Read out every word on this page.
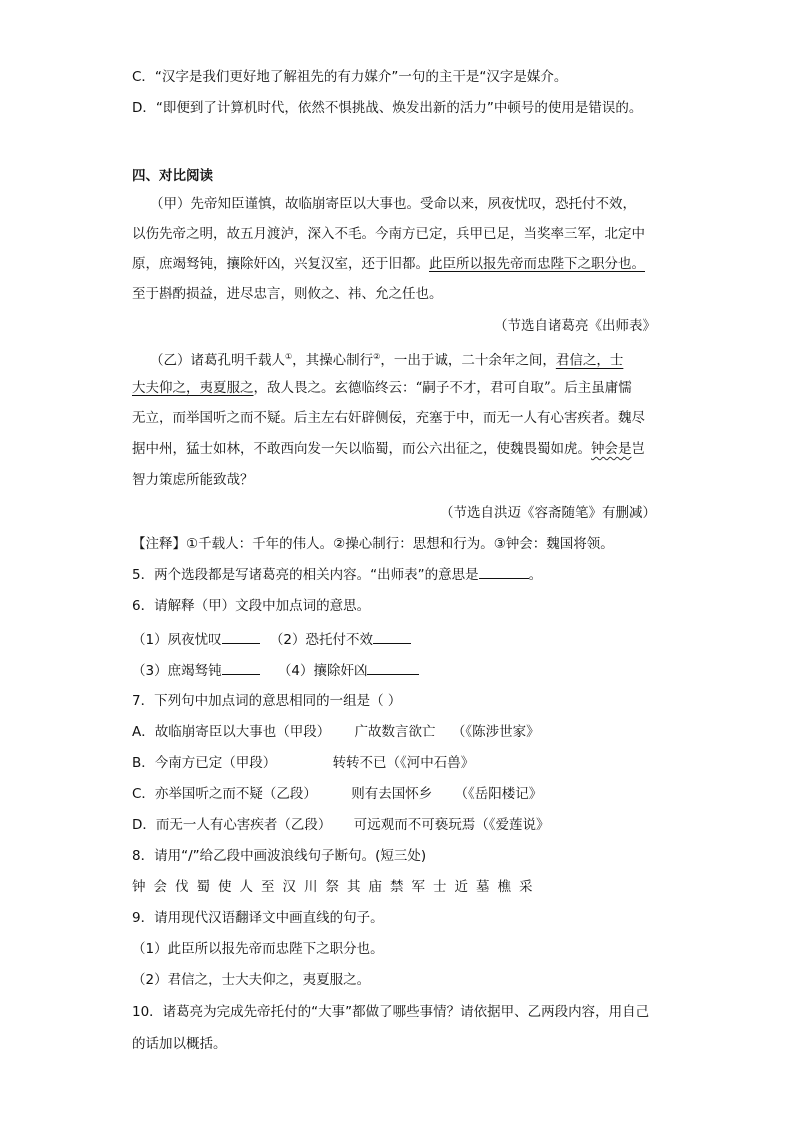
C．“汉字是我们更好地了解祖先的有力媒介”一句的主干是“汉字是媒介。
D．“即便到了计算机时代，依然不惧挑战、焕发出新的活力”中顿号的使用是错误的。
四、对比阅读
（甲）先帝知臣谨慎，故临崩寄臣以大事也。受命以来，夙夜忧叹，恐托付不效，
以伤先帝之明，故五月渡泸，深入不毛。今南方已定，兵甲已足，当奖率三军，北定中
原，庶竭驽钝，攘除奸凶，兴复汉室，还于旧都。此臣所以报先帝而忠陛下之职分也。
至于斟酌损益，进尽忠言，则攸之、祎、允之任也。
（节选自诸葛亮《出师表》
（乙）诸葛孔明千载人①，其操心制行②，一出于诚，二十余年之间，君信之，士
大夫仰之，夷夏服之，敌人畏之。玄德临终云：“嗣子不才，君可自取”。后主虽庸懦
无立，而举国听之而不疑。后主左右奸辟侧佞，充塞于中，而无一人有心害疾者。魏尽
据中州，猛士如林，不敢西向发一矢以临蜀，而公六出征之，使魏畏蜀如虎。钟会是岂
智力策虑所能致哉？
（节选自洪迈《容斋随笔》有删减）
【注释】①千载人：千年的伟人。②操心制行：思想和行为。③钟会：魏国将领。
5．两个选段都是写诸葛亮的相关内容。“出师表”的意思是	。
6．请解释（甲）文段中加点词的意思。
（1）夙夜忧叹	（2）恐托付不效
（3）庶竭驽钝	（4）攘除奸凶
7．下列句中加点词的意思相同的一组是（ ）
A．故临崩寄臣以大事也（甲段） 广故数言欲亡 （《陈涉世家》
B．今南方已定（甲段）	转转不已（《河中石兽》
C．亦举国听之而不疑（乙段）	则有去国怀乡 （《岳阳楼记》
D．而无一人有心害疾者（乙段） 可远观而不可亵玩焉（《爱莲说》
8．请用“/”给乙段中画波浪线句子断句。(短三处)
钟会伐蜀使人至汉川祭其庙禁军士近墓樵采
9．请用现代汉语翻译文中画直线的句子。
（1）此臣所以报先帝而忠陛下之职分也。
（2）君信之，士大夫仰之，夷夏服之。
10．诸葛亮为完成先帝托付的“大事”都做了哪些事情？请依据甲、乙两段内容，用自己
的话加以概括。
